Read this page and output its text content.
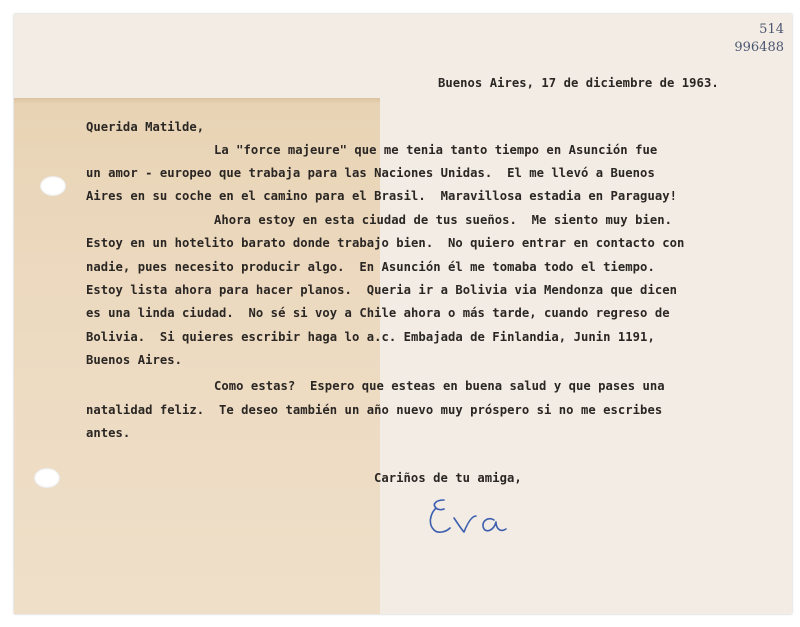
514
996488
Buenos Aires, 17 de diciembre de 1963.
Querida Matilde,
La "force majeure" que me tenia tanto tiempo en Asunción fue
un amor - europeo que trabaja para las Naciones Unidas.  El me llevó a Buenos
Aires en su coche en el camino para el Brasil.  Maravillosa estadia en Paraguay!
Ahora estoy en esta ciudad de tus sueños.  Me siento muy bien.
Estoy en un hotelito barato donde trabajo bien.  No quiero entrar en contacto con
nadie, pues necesito producir algo.  En Asunción él me tomaba todo el tiempo.
Estoy lista ahora para hacer planos.  Queria ir a Bolivia via Mendonza que dicen
es una linda ciudad.  No sé si voy a Chile ahora o más tarde, cuando regreso de
Bolivia.  Si quieres escribir haga lo a.c. Embajada de Finlandia, Junin 1191,
Buenos Aires.
Como estas?  Espero que esteas en buena salud y que pases una
natalidad feliz.  Te deseo también un año nuevo muy próspero si no me escribes
antes.
Cariños de tu amiga,
